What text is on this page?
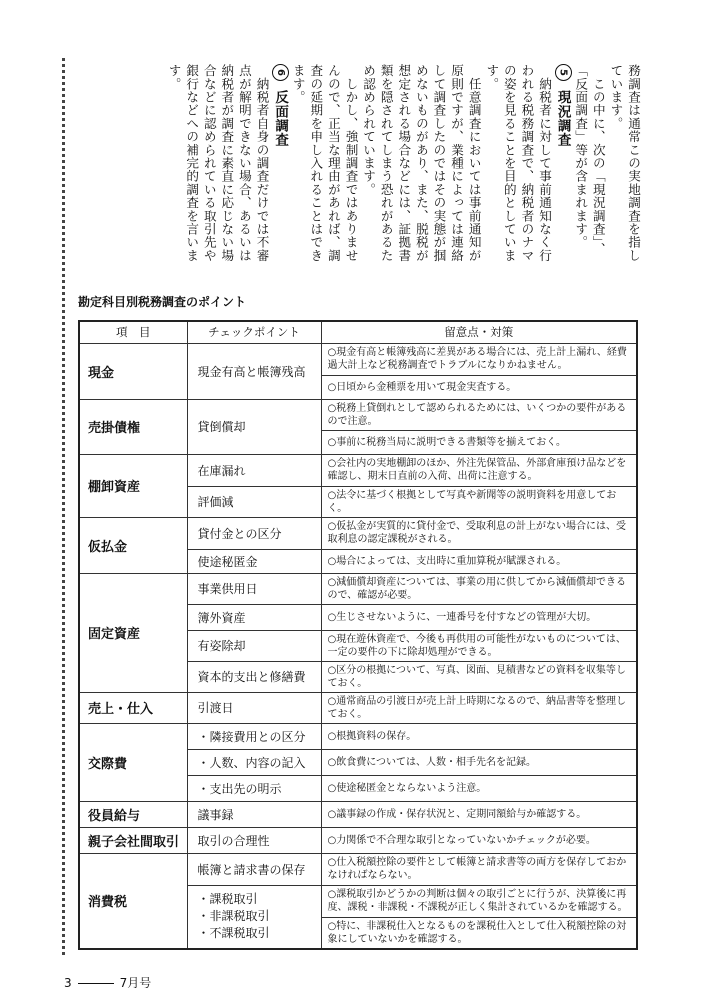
務調査は通常この実地調査を指しています。
　この中に、次の「現況調査」、「反面調査」等が含まれます。
5 現況調査
　納税者に対して事前通知なく行われる税務調査で、納税者のナマの姿を見ることを目的としています。
　任意調査においては事前通知が原則ですが、業種によっては連絡して調査したのではその実態が掴めないものがあり、また、脱税が想定される場合などには、証拠書類を隠されてしまう恐れがあるため認められています。
　しかし、強制調査ではありませんので、正当な理由があれば、調査の延期を申し入れることはできます。
6 反面調査
　納税者自身の調査だけでは不審点が解明できない場合、あるいは納税者が調査に素直に応じない場合などに認められている取引先や銀行などへの補完的調査を言います。
勘定科目別税務調査のポイント
項　目	チェックポイント	留意点・対策
現金	現金有高と帳簿残高	○現金有高と帳簿残高に差異がある場合には、売上計上漏れ、経費過大計上など税務調査でトラブルになりかねません。
		○日頃から金種票を用いて現金実査する。
売掛債権	貸倒償却	○税務上貸倒れとして認められるためには、いくつかの要件があるので注意。
		○事前に税務当局に説明できる書類等を揃えておく。
棚卸資産	在庫漏れ	○会社内の実地棚卸のほか、外注先保管品、外部倉庫預け品などを確認し、期末日直前の入荷、出荷に注意する。
	評価減	○法令に基づく根拠として写真や新聞等の説明資料を用意しておく。
仮払金	貸付金との区分	○仮払金が実質的に貸付金で、受取利息の計上がない場合には、受取利息の認定課税がされる。
	使途秘匿金	○場合によっては、支出時に重加算税が賦課される。
固定資産	事業供用日	○減価償却資産については、事業の用に供してから減価償却できるので、確認が必要。
	簿外資産	○生じさせないように、一連番号を付すなどの管理が大切。
	有姿除却	○現在遊休資産で、今後も再供用の可能性がないものについては、一定の要件の下に除却処理ができる。
	資本的支出と修繕費	○区分の根拠について、写真、図面、見積書などの資料を収集等しておく。
売上・仕入	引渡日	○通常商品の引渡日が売上計上時期になるので、納品書等を整理しておく。
交際費	・隣接費用との区分	○根拠資料の保存。
	・人数、内容の記入	○飲食費については、人数・相手先名を記録。
	・支出先の明示	○使途秘匿金とならないよう注意。
役員給与	議事録	○議事録の作成・保存状況と、定期同額給与か確認する。
親子会社間取引	取引の合理性	○力関係で不合理な取引となっていないかチェックが必要。
消費税	帳簿と請求書の保存	○仕入税額控除の要件として帳簿と請求書等の両方を保存しておかなければならない。
	・課税取引
・非課税取引
・不課税取引	○課税取引かどうかの判断は個々の取引ごとに行うが、決算後に再度、課税・非課税・不課税が正しく集計されているかを確認する。
		○特に、非課税仕入となるものを課税仕入として仕入税額控除の対象にしていないかを確認する。
3	7月号
